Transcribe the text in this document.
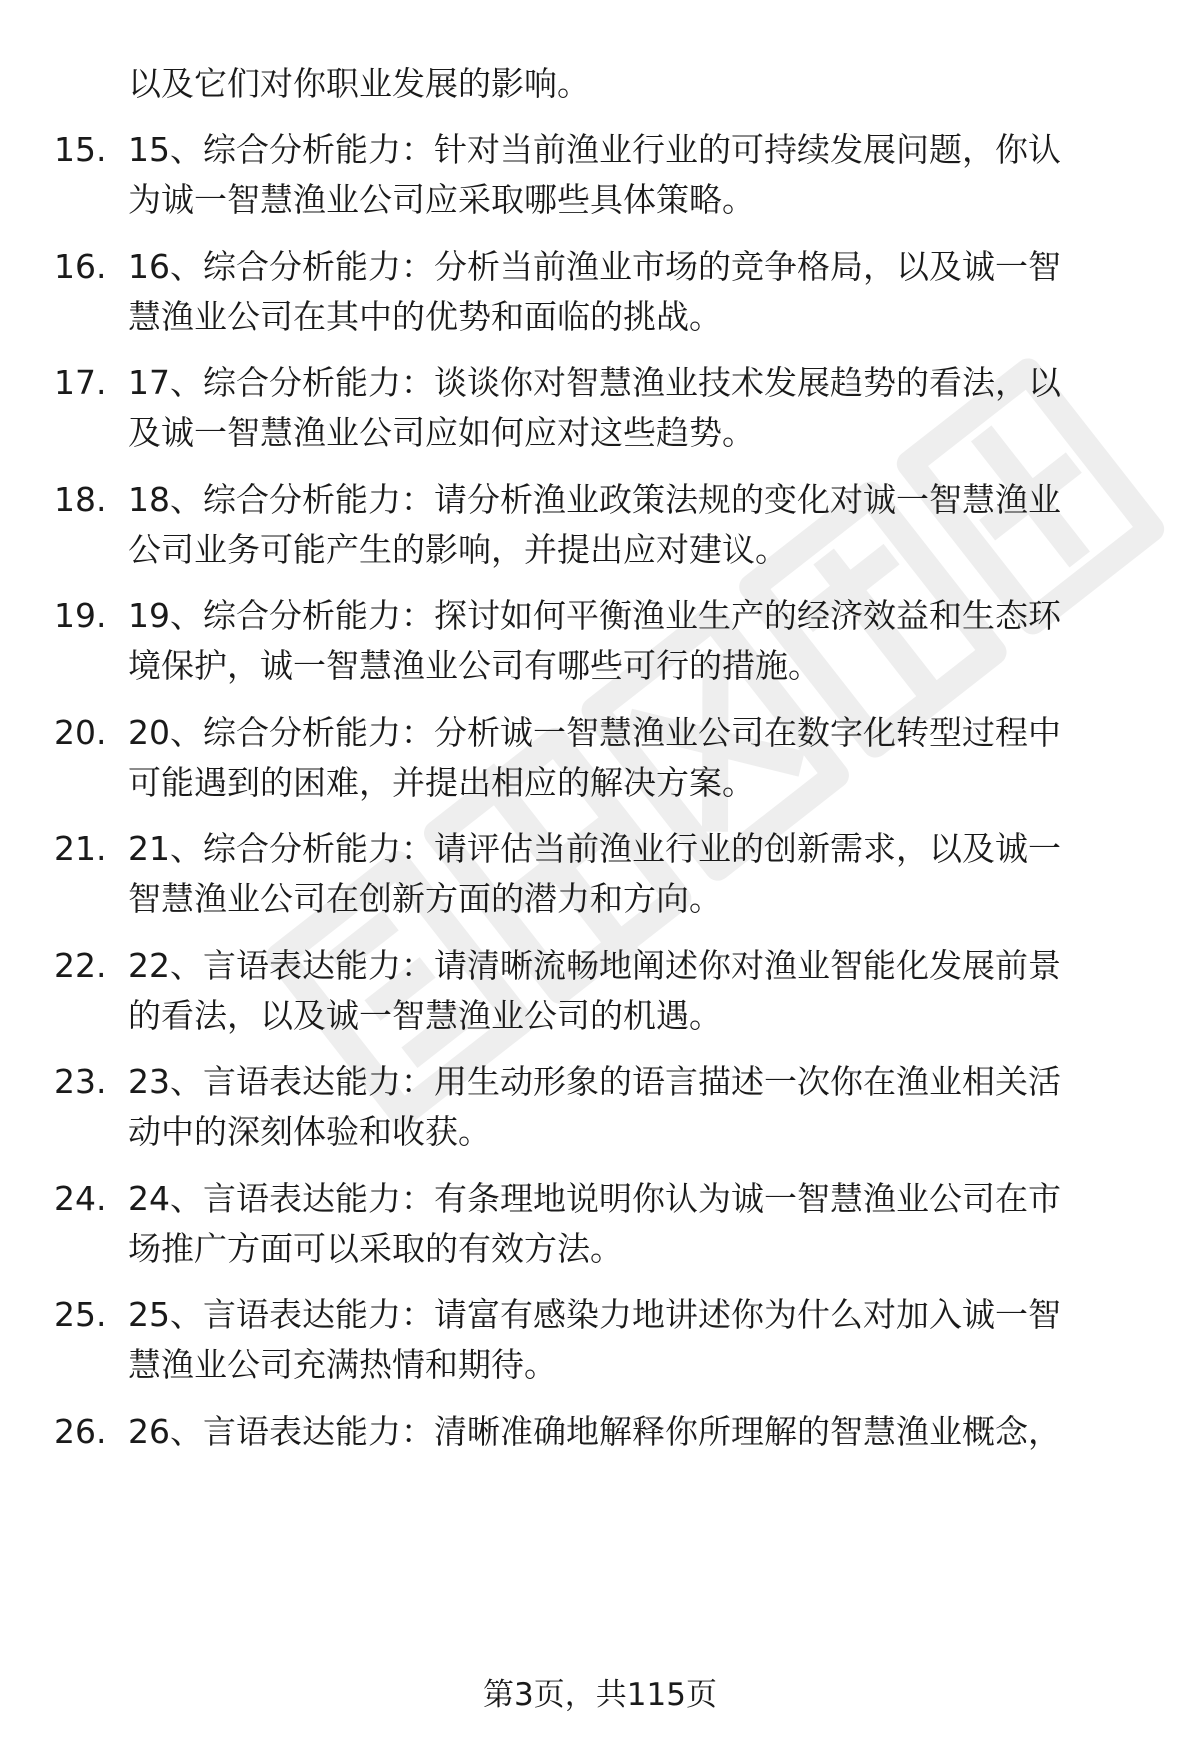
以及它们对你职业发展的影响。
15. 15、综合分析能力：针对当前渔业行业的可持续发展问题，你认
为诚一智慧渔业公司应采取哪些具体策略。
16. 16、综合分析能力：分析当前渔业市场的竞争格局，以及诚一智
慧渔业公司在其中的优势和面临的挑战。
17. 17、综合分析能力：谈谈你对智慧渔业技术发展趋势的看法，以
及诚一智慧渔业公司应如何应对这些趋势。
18. 18、综合分析能力：请分析渔业政策法规的变化对诚一智慧渔业
公司业务可能产生的影响，并提出应对建议。
19. 19、综合分析能力：探讨如何平衡渔业生产的经济效益和生态环
境保护，诚一智慧渔业公司有哪些可行的措施。
20. 20、综合分析能力：分析诚一智慧渔业公司在数字化转型过程中
可能遇到的困难，并提出相应的解决方案。
21. 21、综合分析能力：请评估当前渔业行业的创新需求，以及诚一
智慧渔业公司在创新方面的潜力和方向。
22. 22、言语表达能力：请清晰流畅地阐述你对渔业智能化发展前景
的看法，以及诚一智慧渔业公司的机遇。
23. 23、言语表达能力：用生动形象的语言描述一次你在渔业相关活
动中的深刻体验和收获。
24. 24、言语表达能力：有条理地说明你认为诚一智慧渔业公司在市
场推广方面可以采取的有效方法。
25. 25、言语表达能力：请富有感染力地讲述你为什么对加入诚一智
慧渔业公司充满热情和期待。
26. 26、言语表达能力：清晰准确地解释你所理解的智慧渔业概念，
第3页，共115页
